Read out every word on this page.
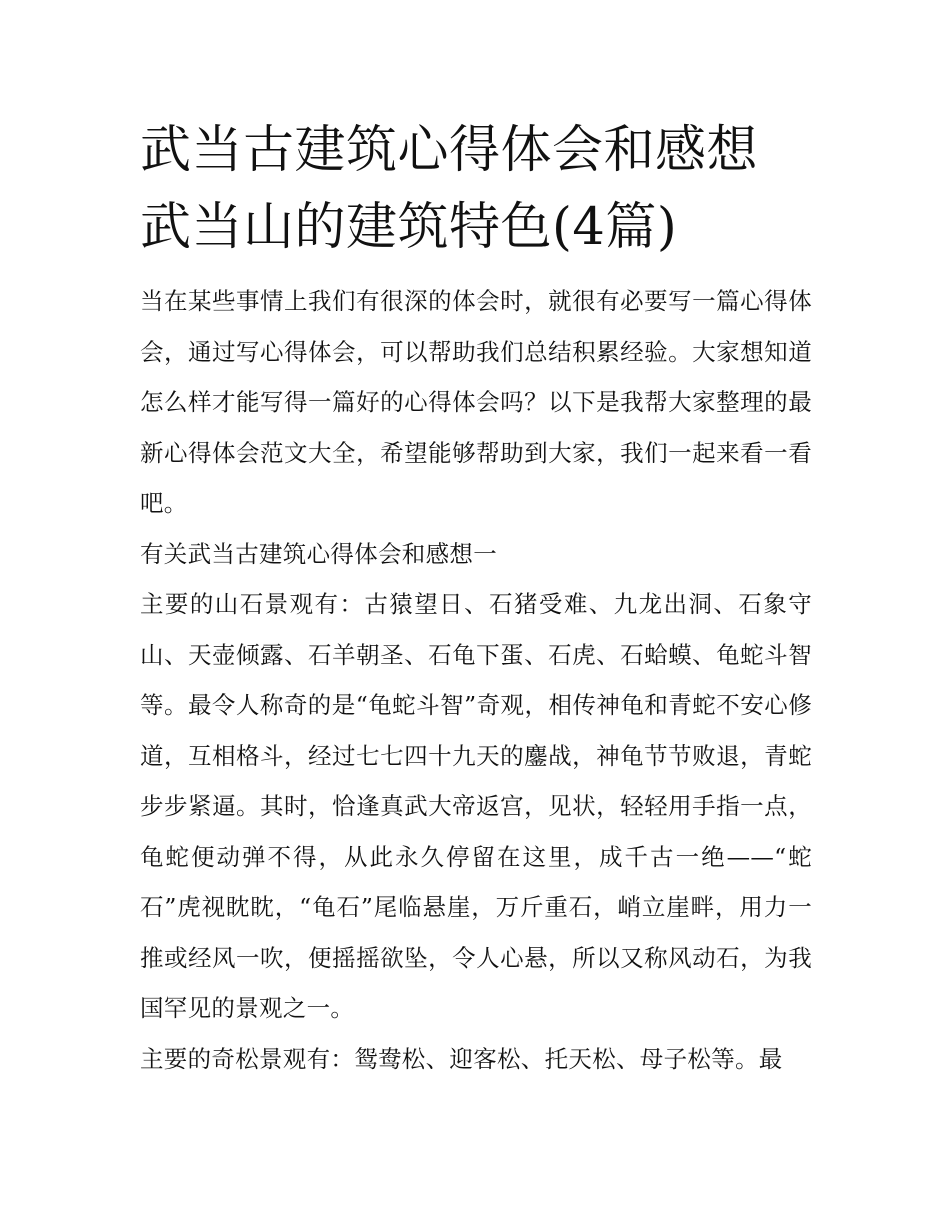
武当古建筑心得体会和感想 武当山的建筑特色(4篇)

当在某些事情上我们有很深的体会时，就很有必要写一篇心得体会，通过写心得体会，可以帮助我们总结积累经验。大家想知道怎么样才能写得一篇好的心得体会吗？以下是我帮大家整理的最新心得体会范文大全，希望能够帮助到大家，我们一起来看一看吧。

有关武当古建筑心得体会和感想一

主要的山石景观有：古猿望日、石猪受难、九龙出洞、石象守山、天壶倾露、石羊朝圣、石龟下蛋、石虎、石蛤蟆、龟蛇斗智等。最令人称奇的是“龟蛇斗智”奇观，相传神龟和青蛇不安心修道，互相格斗，经过七七四十九天的鏖战，神龟节节败退，青蛇步步紧逼。其时，恰逢真武大帝返宫，见状，轻轻用手指一点，龟蛇便动弹不得，从此永久停留在这里，成千古一绝——“蛇石”虎视眈眈，“龟石”尾临悬崖，万斤重石，峭立崖畔，用力一推或经风一吹，便摇摇欲坠，令人心悬，所以又称风动石，为我国罕见的景观之一。

主要的奇松景观有：鸳鸯松、迎客松、托天松、母子松等。最
